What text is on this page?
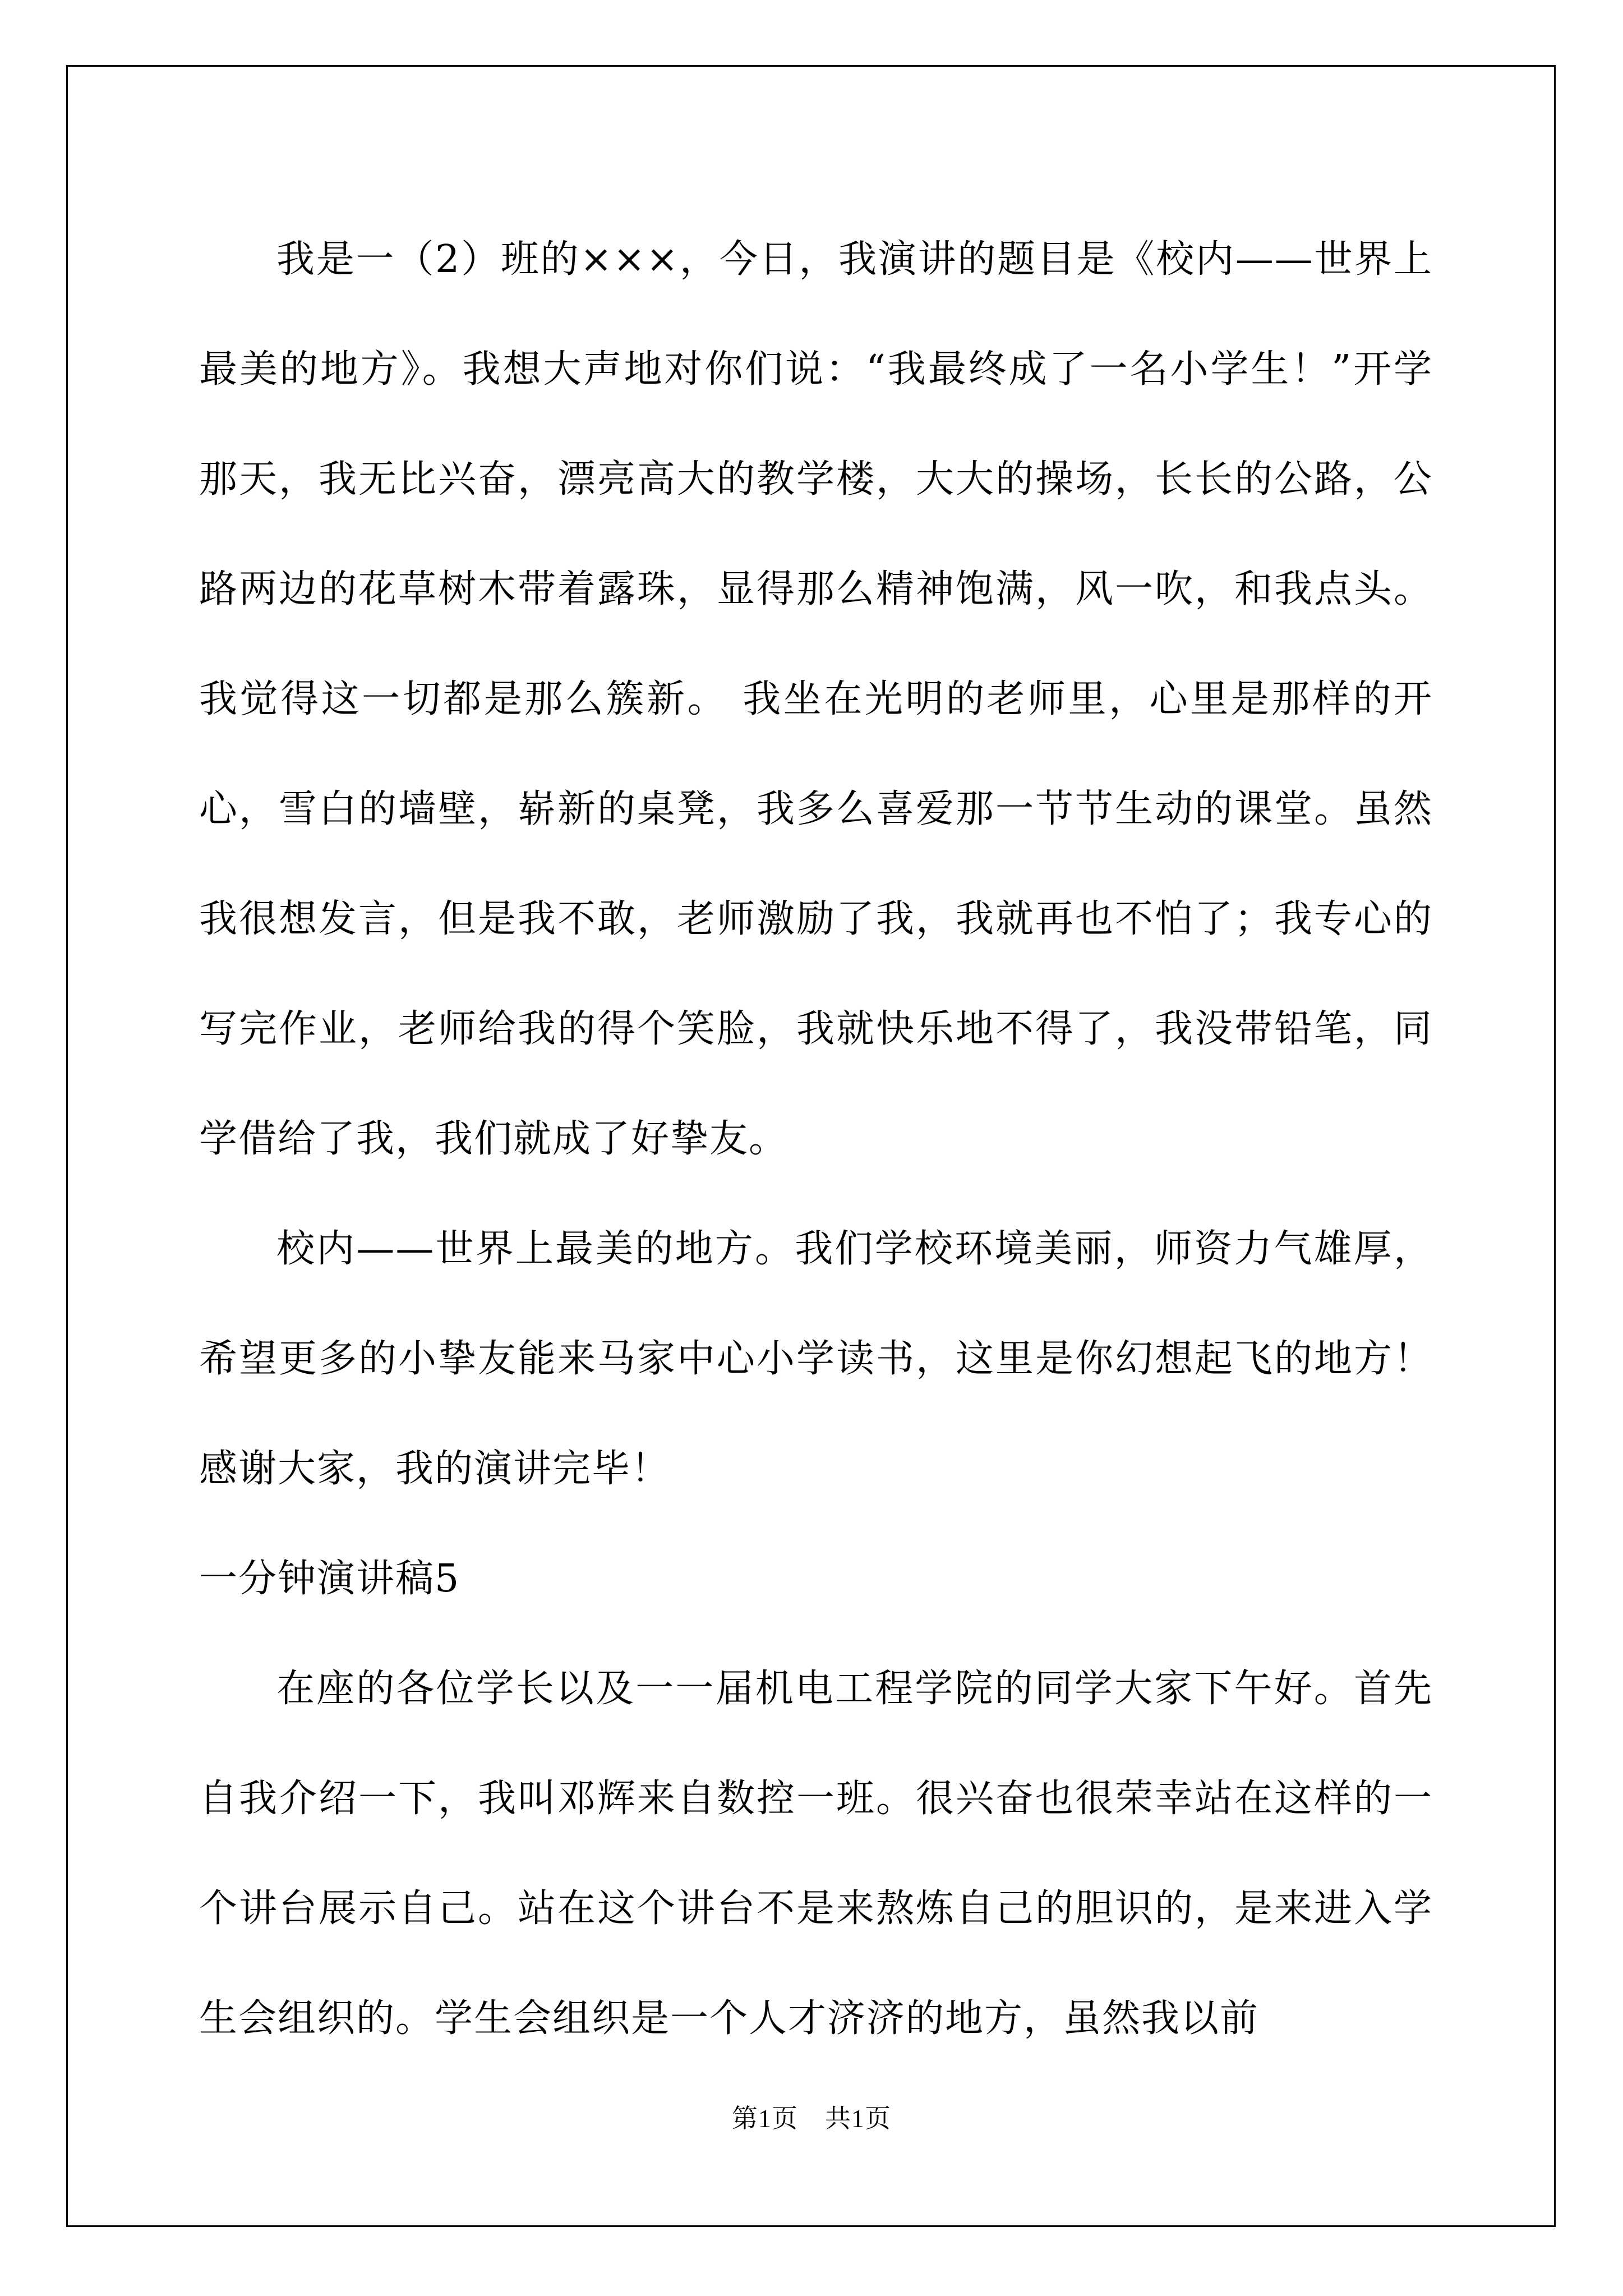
我是一（2）班的×××，今日，我演讲的题目是《校内——世界上最美的地方》。我想大声地对你们说：“我最终成了一名小学生！”开学那天，我无比兴奋，漂亮高大的教学楼，大大的操场，长长的公路，公路两边的花草树木带着露珠，显得那么精神饱满，风一吹，和我点头。我觉得这一切都是那么簇新。 我坐在光明的老师里，心里是那样的开心，雪白的墙壁，崭新的桌凳，我多么喜爱那一节节生动的课堂。虽然我很想发言，但是我不敢，老师激励了我，我就再也不怕了；我专心的写完作业，老师给我的得个笑脸，我就快乐地不得了，我没带铅笔，同学借给了我，我们就成了好挚友。

校内——世界上最美的地方。我们学校环境美丽，师资力气雄厚，希望更多的小挚友能来马家中心小学读书，这里是你幻想起飞的地方！感谢大家，我的演讲完毕！

一分钟演讲稿5

在座的各位学长以及一一届机电工程学院的同学大家下午好。首先自我介绍一下，我叫邓辉来自数控一班。很兴奋也很荣幸站在这样的一个讲台展示自己。站在这个讲台不是来熬炼自己的胆识的，是来进入学生会组织的。学生会组织是一个人才济济的地方，虽然我以前

第1页 共1页
